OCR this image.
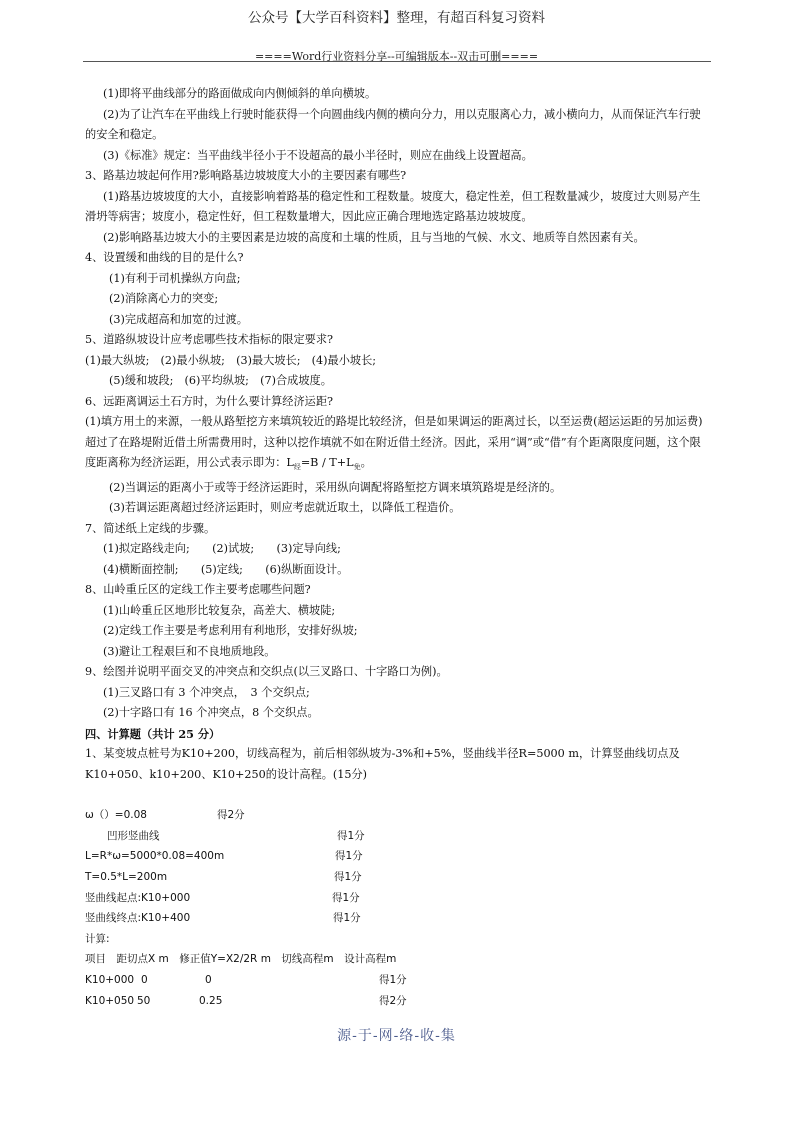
公众号【大学百科资料】整理，有超百科复习资料
====Word行业资料分享--可编辑版本--双击可删====

(1)即将平曲线部分的路面做成向内侧倾斜的单向横坡。

(2)为了让汽车在平曲线上行驶时能获得一个向圆曲线内侧的横向分力，用以克服离心力，减小横向力，从而保证汽车行驶的安全和稳定。

(3)《标准》规定：当平曲线半径小于不设超高的最小半径时，则应在曲线上设置超高。

3、路基边坡起何作用?影响路基边坡坡度大小的主要因素有哪些?

(1)路基边坡坡度的大小，直接影响着路基的稳定性和工程数量。坡度大，稳定性差，但工程数量减少，坡度过大则易产生滑坍等病害；坡度小，稳定性好，但工程数量增大，因此应正确合理地选定路基边坡坡度。

(2)影响路基边坡大小的主要因素是边坡的高度和土壤的性质，且与当地的气候、水文、地质等自然因素有关。

4、设置缓和曲线的目的是什么?

(1)有利于司机操纵方向盘;

(2)消除离心力的突变;

(3)完成超高和加宽的过渡。

5、道路纵坡设计应考虑哪些技术指标的限定要求?

(1)最大纵坡;　(2)最小纵坡;　(3)最大坡长;　(4)最小坡长;

(5)缓和坡段;　(6)平均纵坡;　(7)合成坡度。

6、远距离调运土石方时，为什么要计算经济运距?

(1)填方用土的来源，一般从路堑挖方来填筑较近的路堤比较经济，但是如果调运的距离过长，以至运费(超运运距的另加运费)超过了在路堤附近借土所需费用时，这种以挖作填就不如在附近借土经济。因此，采用“调”或“借”有个距离限度问题，这个限度距离称为经济运距，用公式表示即为：$L_经=B / T+L_免$。

(2)当调运的距离小于或等于经济运距时，采用纵向调配将路堑挖方调来填筑路堤是经济的。

(3)若调运距离超过经济运距时，则应考虑就近取土，以降低工程造价。

7、简述纸上定线的步骤。

(1)拟定路线走向;　　(2)试坡;　　(3)定导向线;

(4)横断面控制;　　(5)定线;　　(6)纵断面设计。

8、山岭重丘区的定线工作主要考虑哪些问题?

(1)山岭重丘区地形比较复杂，高差大、横坡陡;

(2)定线工作主要是考虑利用有利地形，安排好纵坡;

(3)避让工程艰巨和不良地质地段。

9、绘图并说明平面交叉的冲突点和交织点(以三叉路口、十字路口为例)。

(1)三叉路口有 3 个冲突点，　3 个交织点;

(2)十字路口有 16 个冲突点，8 个交织点。

四、计算题（共计 25 分）

1、某变坡点桩号为K10+200，切线高程为，前后相邻纵坡为-3%和+5%，竖曲线半径R=5000 m，计算竖曲线切点及K10+050、k10+200、K10+250的设计高程。(15分)

ω（）=0.08	得2分

凹形竖曲线	得1分

L=R*ω=5000*0.08=400m	得1分

T=0.5*L=200m	得1分

竖曲线起点:K10+000	得1分

竖曲线终点:K10+400	得1分

计算:

项目　距切点X m　修正值Y=X2/2R m　切线高程m　设计高程m

K10+000 0	0	得1分

K10+050 50	0.25	得2分

源-于-网-络-收-集
